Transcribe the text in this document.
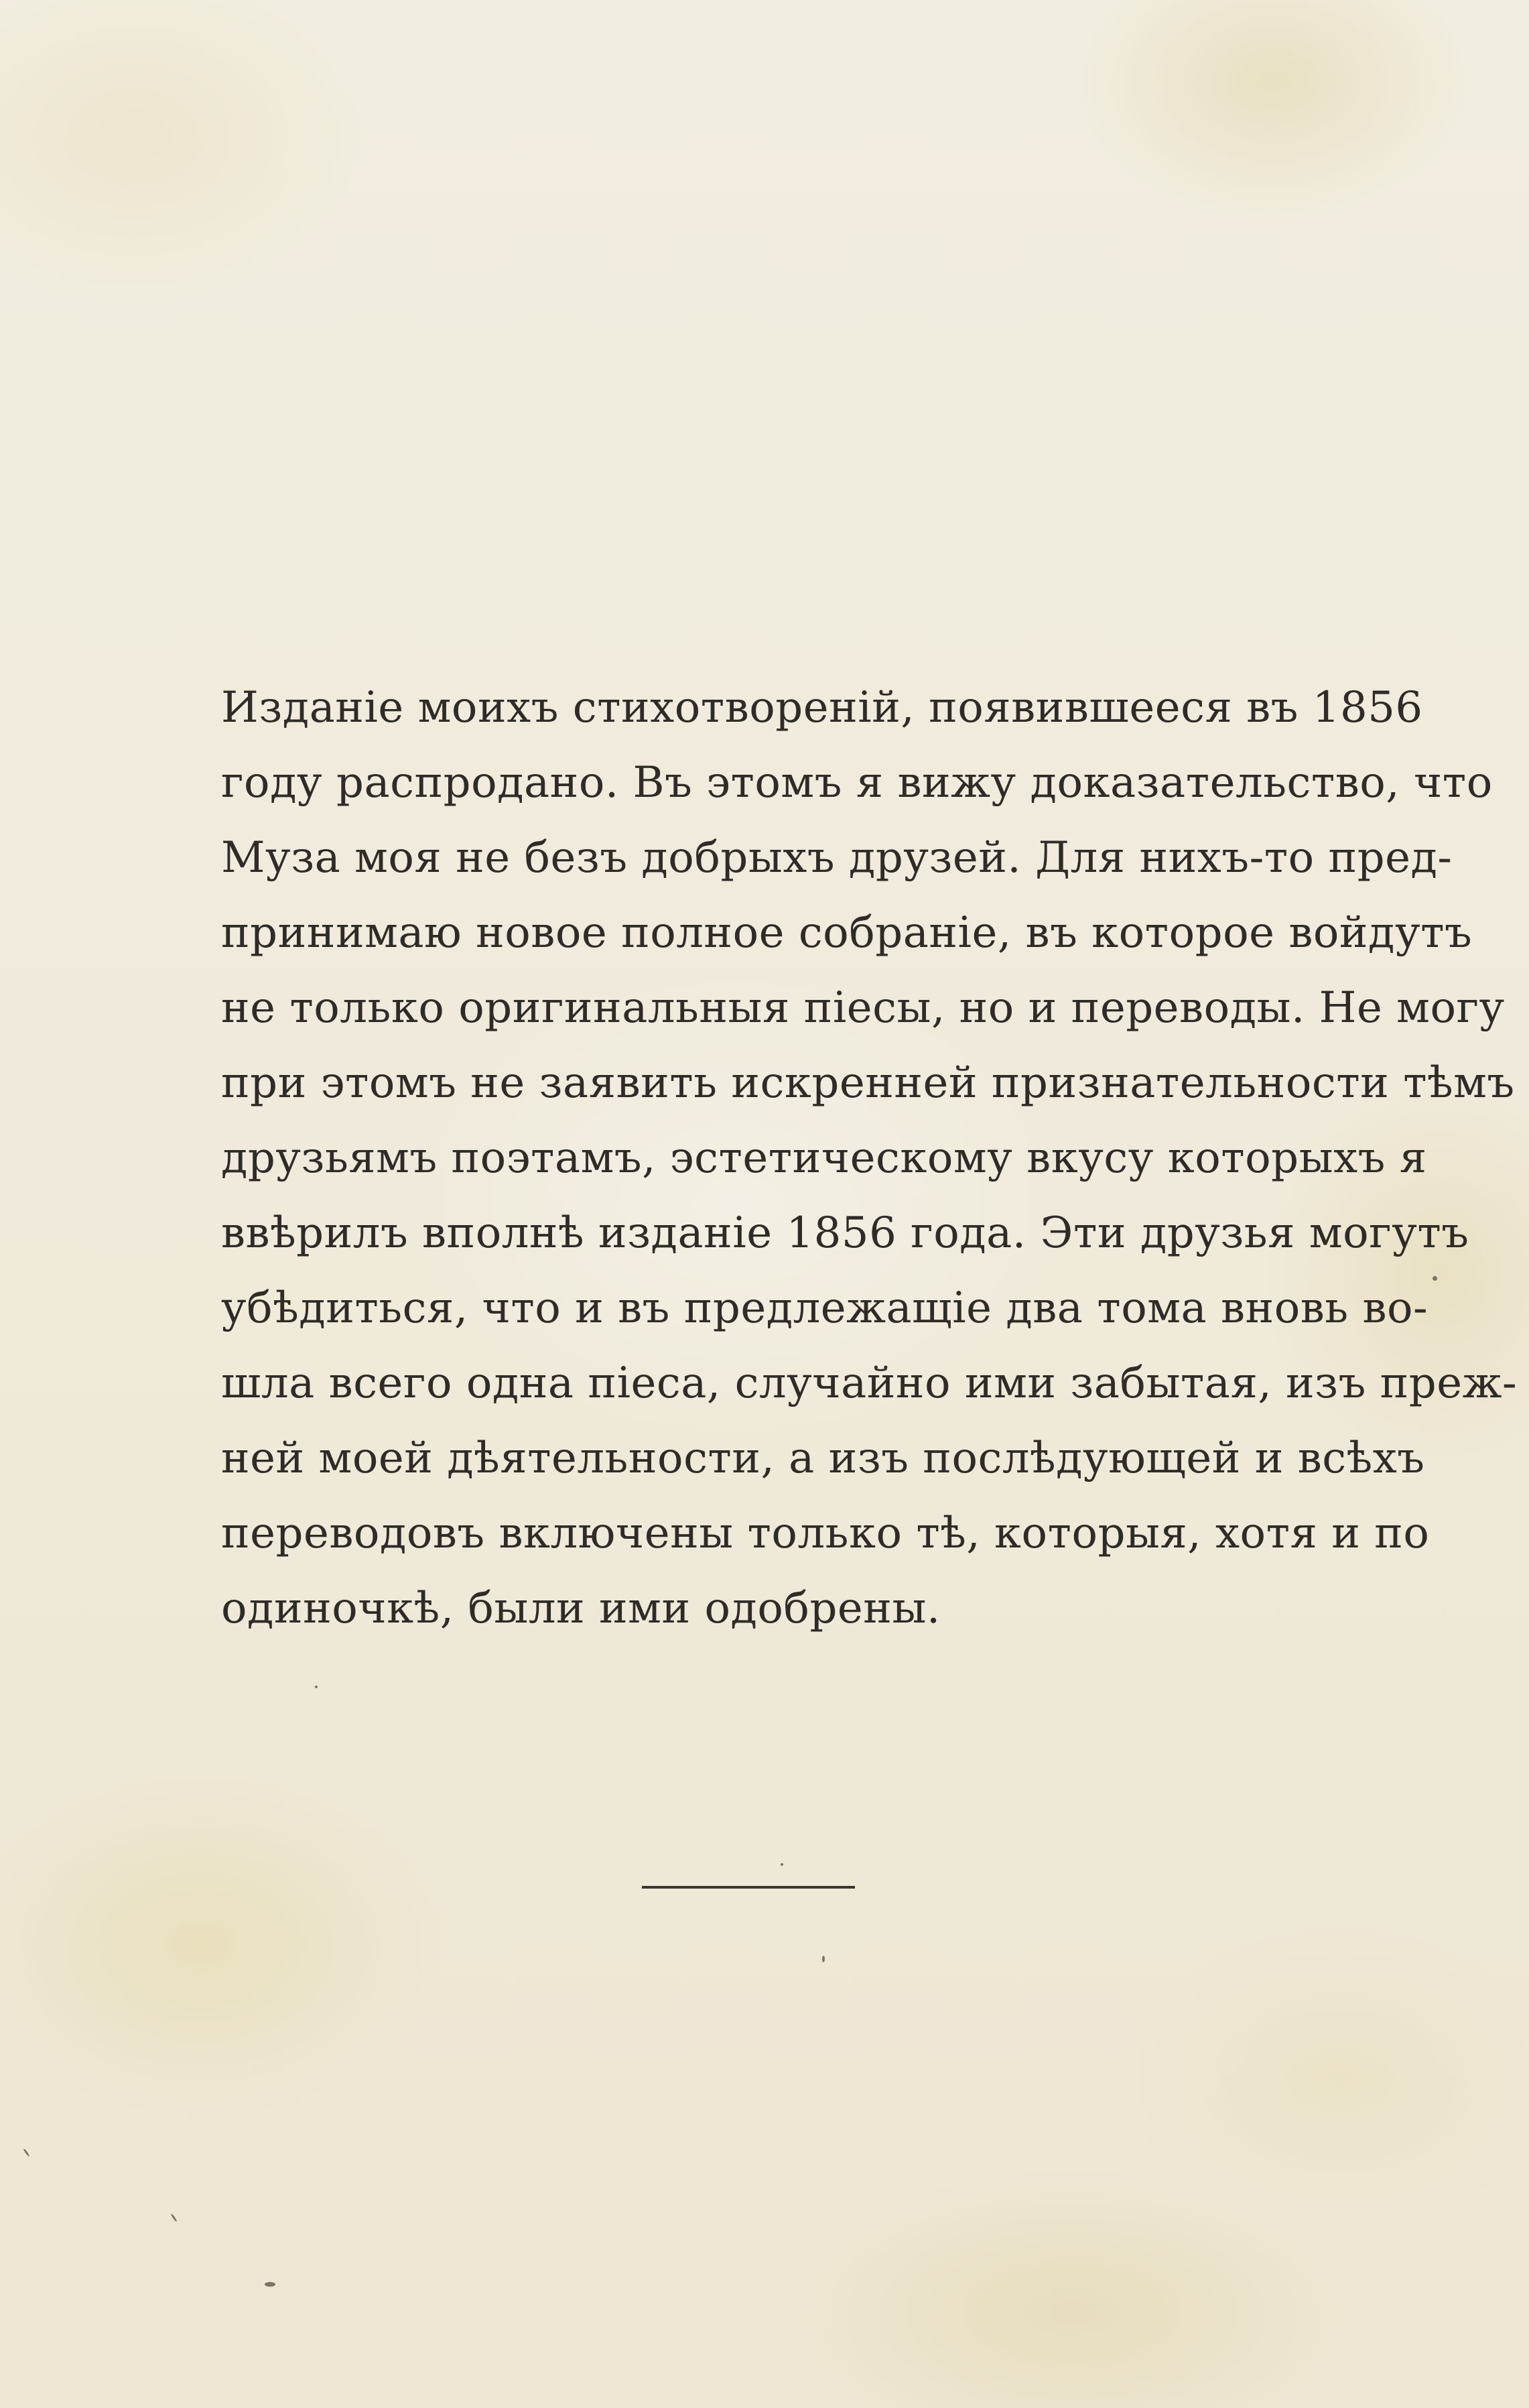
Изданіе моихъ стихотвореній, появившееся въ 1856
году распродано. Въ этомъ я вижу доказательство, что
Муза моя не безъ добрыхъ друзей. Для нихъ-то пред-
принимаю новое полное собраніе, въ которое войдутъ
не только оригинальныя піесы, но и переводы. Не могу
при этомъ не заявить искренней признательности тѣмъ
друзьямъ поэтамъ, эстетическому вкусу которыхъ я
ввѣрилъ вполнѣ изданіе 1856 года. Эти друзья могутъ
убѣдиться, что и въ предлежащіе два тома вновь во-
шла всего одна піеса, случайно ими забытая, изъ преж-
ней моей дѣятельности, а изъ послѣдующей и всѣхъ
переводовъ включены только тѣ, которыя, хотя и по
одиночкѣ, были ими одобрены.
